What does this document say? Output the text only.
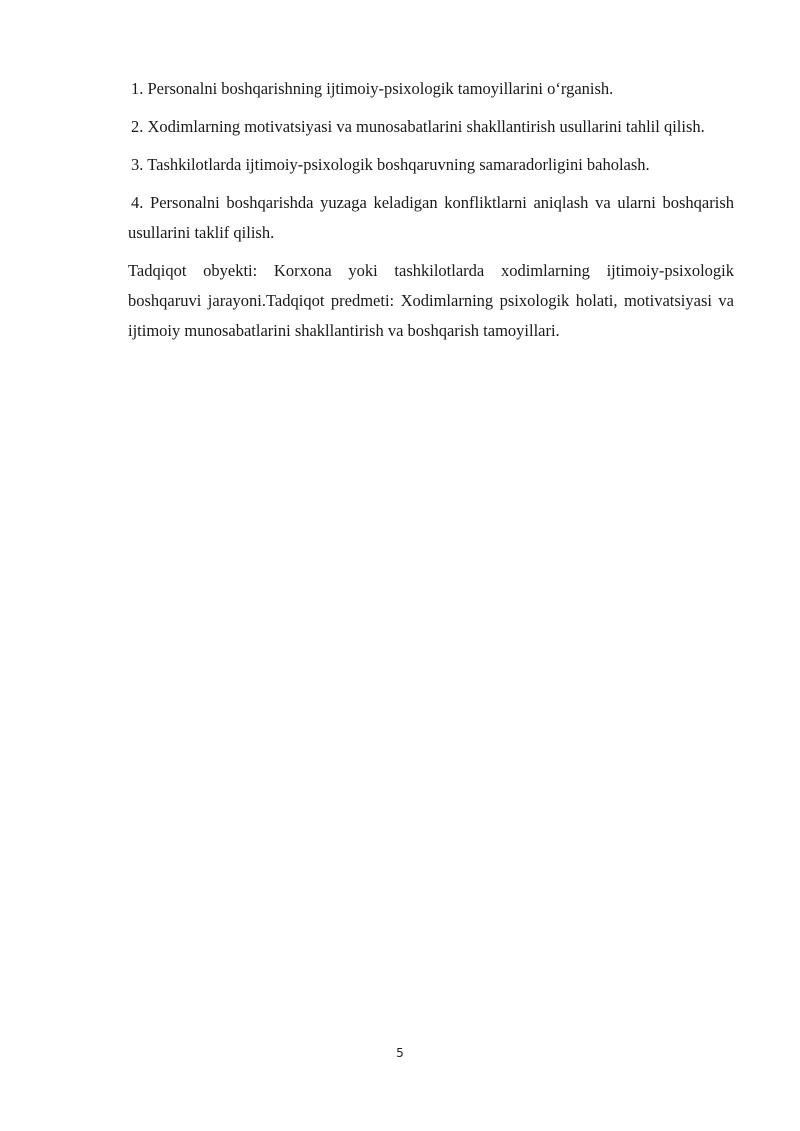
1. Personalni boshqarishning ijtimoiy-psixologik tamoyillarini o‘rganish.

2. Xodimlarning motivatsiyasi va munosabatlarini shakllantirish usullarini tahlil qilish.

3. Tashkilotlarda ijtimoiy-psixologik boshqaruvning samaradorligini baholash.

4. Personalni boshqarishda yuzaga keladigan konfliktlarni aniqlash va ularni boshqarish usullarini taklif qilish.

Tadqiqot obyekti: Korxona yoki tashkilotlarda xodimlarning ijtimoiy-psixologik boshqaruvi jarayoni.Tadqiqot predmeti: Xodimlarning psixologik holati, motivatsiyasi va ijtimoiy munosabatlarini shakllantirish va boshqarish tamoyillari.

5
